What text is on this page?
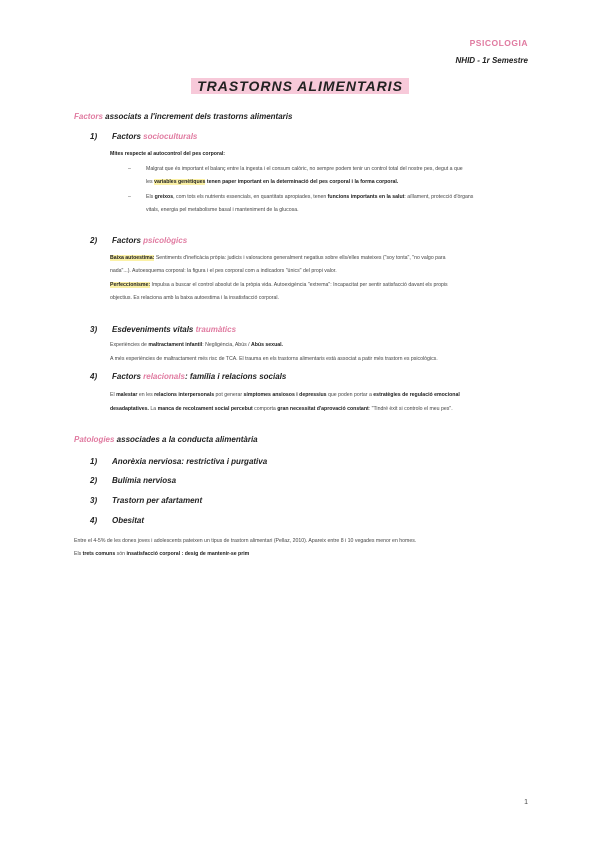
PSICOLOGIA
NHID - 1r Semestre
TRASTORNS ALIMENTARIS
Factors associats a l'increment dels trastorns alimentaris
1) Factors socioculturals
Mites respecte al autocontrol del pes corporal:
–	Malgrat que és important el balanç entre la ingesta i el consum calòric, no sempre podem tenir un control total del nostre pes, degut a que
les variables genètiques tenen paper important en la determinació del pes corporal i la forma corporal.
–	Els greixos, com tots els nutrients essencials, en quantitats apropiades, tenen funcions importants en la salut: aïllament, protecció d'òrgans
vitals, energia pel metabolisme basal i manteniment de la glucosa.
2) Factors psicològics
Baixa autoestima: Sentiments d'ineficàcia pròpia: judicis i valoracions generalment negatius sobre ells/elles mateixes ("soy tonta", "no valgo para
nada"...). Autoesquema corporal: la figura i el pes corporal com a indicadors "únics" del propi valor.
Perfeccionisme: Impulsa a buscar el control absolut de la pròpia vida. Autoexigència "extrema": Incapacitat per sentir satisfacció davant els propis
objectius. Es relaciona amb la baixa autoestima i la insatisfacció corporal.
3) Esdeveniments vitals traumàtics
Experiències de maltractament infantil: Negligència, Abús / Abús sexual.
A més experiències de maltractament més risc de TCA. El trauma en els trastorns alimentaris està associat a patir més trastorn es psicològics.
4) Factors relacionals: família i relacions socials
El malestar en les relacions interpersonals pot generar símptomes ansiosos i depressius que poden portar a estratègies de regulació emocional
desadaptatives. La manca de recolzament social percebut comporta gran necessitat d'aprovació constant: "Tindré èxit si controlo el meu pes".
Patologies associades a la conducta alimentària
1) Anorèxia nerviosa: restrictiva i purgativa
2) Bulímia nerviosa
3) Trastorn per afartament
4) Obesitat
Entre el 4-5% de les dones joves i adolescents pateixen un tipus de trastorn alimentari (Pellaz, 2010). Apareix entre 8 i 10 vegades menor en homes.
Els trets comuns són insatisfacció corporal : desig de mantenir-se prim
1
